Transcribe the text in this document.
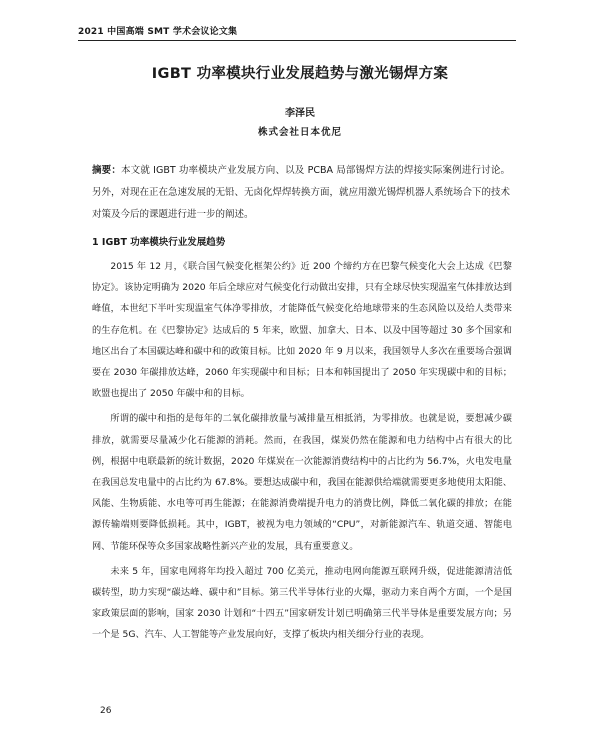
2021 中国高端 SMT 学术会议论文集
IGBT 功率模块行业发展趋势与激光锡焊方案
李泽民
株式会社日本优尼
摘要：本文就 IGBT 功率模块产业发展方向、以及 PCBA 局部锡焊方法的焊接实际案例进行讨论。另外，对现在正在急速发展的无铅、无卤化焊焊转换方面，就应用激光锡焊机器人系统场合下的技术对策及今后的课题进行进一步的阐述。
1 IGBT 功率模块行业发展趋势

2015 年 12 月，《联合国气候变化框架公约》近 200 个缔约方在巴黎气候变化大会上达成《巴黎协定》。该协定明确为 2020 年后全球应对气候变化行动做出安排，只有全球尽快实现温室气体排放达到峰值，本世纪下半叶实现温室气体净零排放，才能降低气候变化给地球带来的生态风险以及给人类带来的生存危机。在《巴黎协定》达成后的 5 年来，欧盟、加拿大、日本、以及中国等超过 30 多个国家和地区出台了本国碳达峰和碳中和的政策目标。比如 2020 年 9 月以来，我国领导人多次在重要场合强调要在 2030 年碳排放达峰，2060 年实现碳中和目标；日本和韩国提出了 2050 年实现碳中和的目标；欧盟也提出了 2050 年碳中和的目标。

所谓的碳中和指的是每年的二氧化碳排放量与减排量互相抵消，为零排放。也就是说，要想减少碳排放，就需要尽量减少化石能源的消耗。然而，在我国，煤炭仍然在能源和电力结构中占有很大的比例，根据中电联最新的统计数据，2020 年煤炭在一次能源消费结构中的占比约为 56.7%，火电发电量在我国总发电量中的占比约为 67.8%。要想达成碳中和，我国在能源供给端就需要更多地使用太阳能、风能、生物质能、水电等可再生能源；在能源消费端提升电力的消费比例，降低二氧化碳的排放；在能源传输端则要降低损耗。其中，IGBT，被视为电力领域的“CPU”，对新能源汽车、轨道交通、智能电网、节能环保等众多国家战略性新兴产业的发展，具有重要意义。

未来 5 年，国家电网将年均投入超过 700 亿美元，推动电网向能源互联网升级，促进能源清洁低碳转型，助力实现“碳达峰、碳中和”目标。第三代半导体行业的火爆，驱动力来自两个方面，一个是国家政策层面的影响，国家 2030 计划和“十四五”国家研发计划已明确第三代半导体是重要发展方向；另一个是 5G、汽车、人工智能等产业发展向好，支撑了板块内相关细分行业的表现。

26
